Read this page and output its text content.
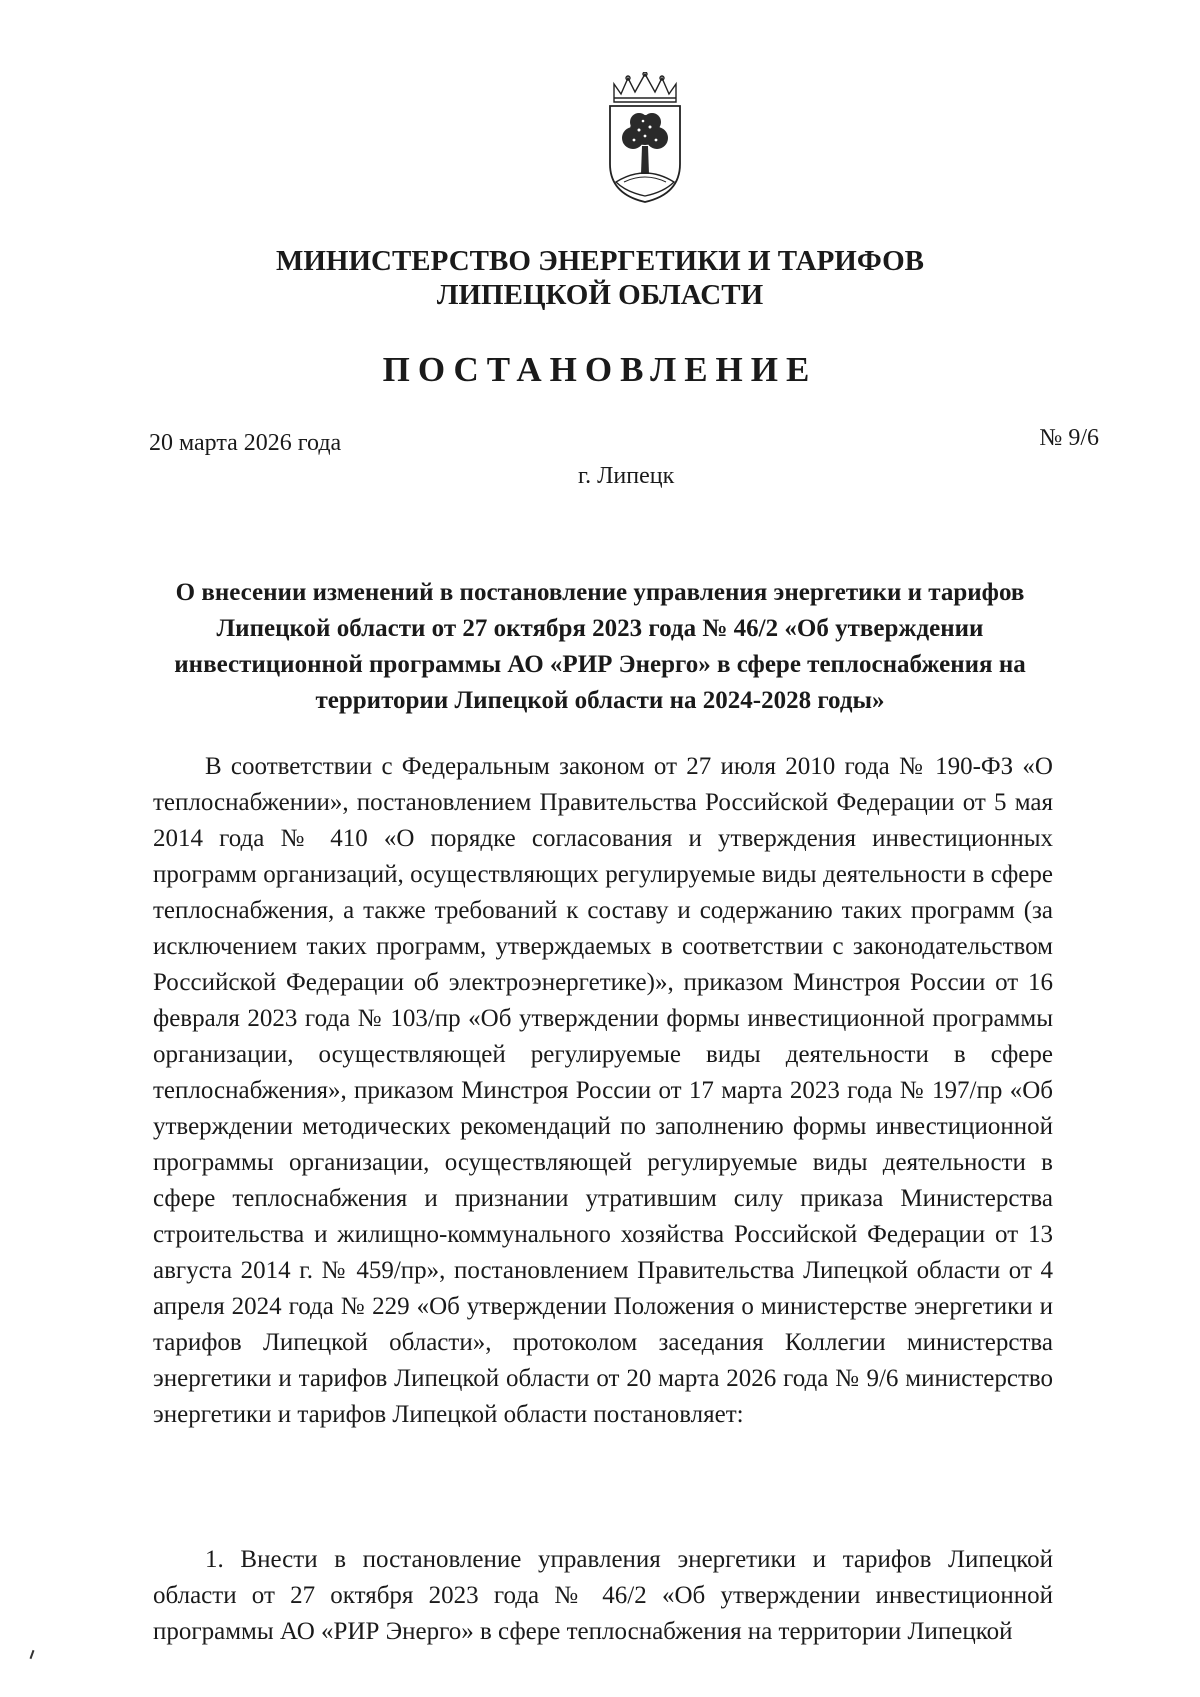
МИНИСТЕРСТВО ЭНЕРГЕТИКИ И ТАРИФОВ
ЛИПЕЦКОЙ ОБЛАСТИ
ПОСТАНОВЛЕНИЕ
20 марта 2026 года	№ 9/6
г. Липецк
О внесении изменений в постановление управления энергетики и тарифов Липецкой области от 27 октября 2023 года № 46/2 «Об утверждении инвестиционной программы АО «РИР Энерго» в сфере теплоснабжения на территории Липецкой области на 2024-2028 годы»

В соответствии с Федеральным законом от 27 июля 2010 года № 190-ФЗ «О теплоснабжении», постановлением Правительства Российской Федерации от 5 мая 2014 года № 410 «О порядке согласования и утверждения инвестиционных программ организаций, осуществляющих регулируемые виды деятельности в сфере теплоснабжения, а также требований к составу и содержанию таких программ (за исключением таких программ, утверждаемых в соответствии с законодательством Российской Федерации об электроэнергетике)», приказом Минстроя России от 16 февраля 2023 года № 103/пр «Об утверждении формы инвестиционной программы организации, осуществляющей регулируемые виды деятельности в сфере теплоснабжения», приказом Минстроя России от 17 марта 2023 года № 197/пр «Об утверждении методических рекомендаций по заполнению формы инвестиционной программы организации, осуществляющей регулируемые виды деятельности в сфере теплоснабжения и признании утратившим силу приказа Министерства строительства и жилищно-коммунального хозяйства Российской Федерации от 13 августа 2014 г. № 459/пр», постановлением Правительства Липецкой области от 4 апреля 2024 года № 229 «Об утверждении Положения о министерстве энергетики и тарифов Липецкой области», протоколом заседания Коллегии министерства энергетики и тарифов Липецкой области от 20 марта 2026 года № 9/6 министерство энергетики и тарифов Липецкой области постановляет:

1. Внести в постановление управления энергетики и тарифов Липецкой области от 27 октября 2023 года № 46/2 «Об утверждении инвестиционной программы АО «РИР Энерго» в сфере теплоснабжения на территории Липецкой
